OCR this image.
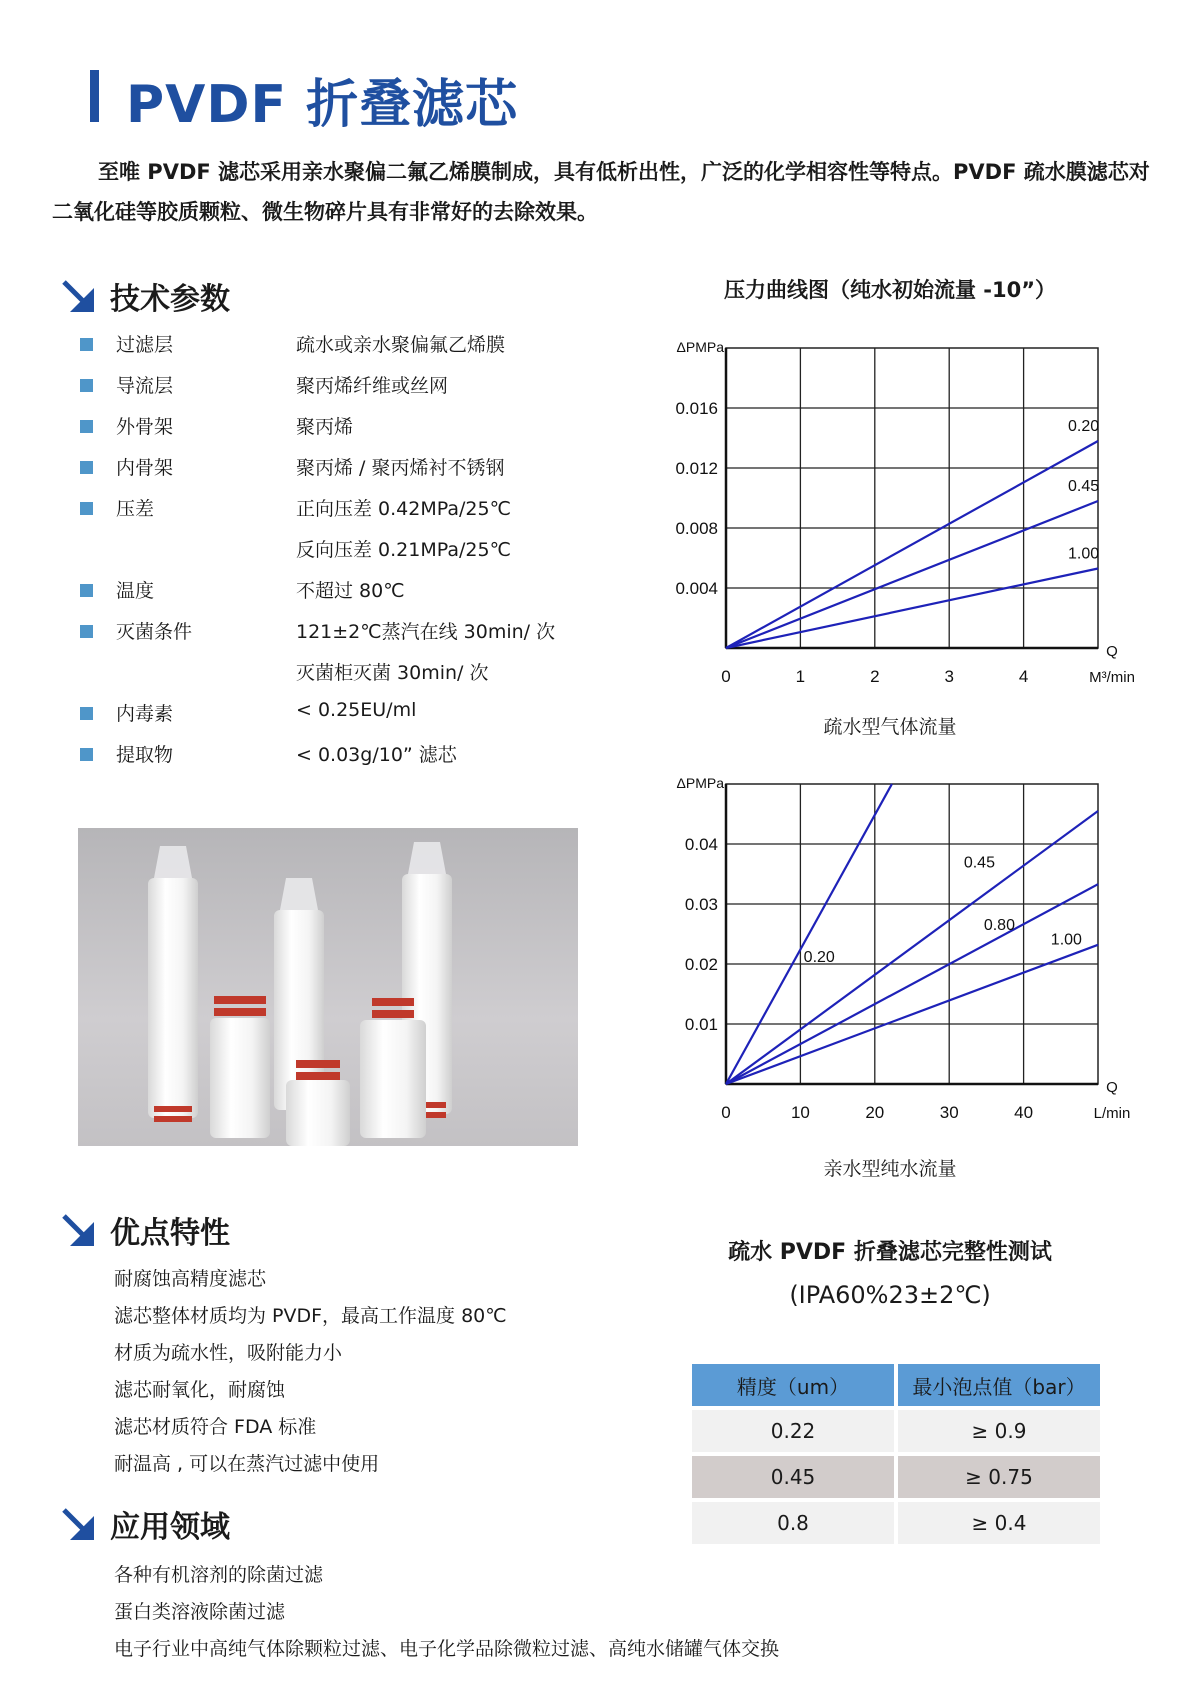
PVDF 折叠滤芯
至唯 PVDF 滤芯采用亲水聚偏二氟乙烯膜制成，具有低析出性，广泛的化学相容性等特点。PVDF 疏水膜滤芯对二氧化硅等胶质颗粒、微生物碎片具有非常好的去除效果。
技术参数
过滤层	疏水或亲水聚偏氟乙烯膜
导流层	聚丙烯纤维或丝网
外骨架	聚丙烯
内骨架	聚丙烯 / 聚丙烯衬不锈钢
压差	正向压差 0.42MPa/25℃
反向压差 0.21MPa/25℃
温度	不超过 80℃
灭菌条件	121±2℃蒸汽在线 30min/ 次
灭菌柜灭菌 30min/ 次
内毒素	< 0.25EU/ml
提取物	< 0.03g/10” 滤芯
优点特性
耐腐蚀高精度滤芯
滤芯整体材质均为 PVDF，最高工作温度 80℃
材质为疏水性，吸附能力小
滤芯耐氧化，耐腐蚀
滤芯材质符合 FDA 标准
耐温高 , 可以在蒸汽过滤中使用
应用领域
各种有机溶剂的除菌过滤
蛋白类溶液除菌过滤
电子行业中高纯气体除颗粒过滤、电子化学品除微粒过滤、高纯水储罐气体交换
压力曲线图（纯水初始流量 -10”）
0.004
0.008
0.012
0.016
0	1	2	3	4
ΔPMPa
Q
M³/min
0.20
0.45
1.00
疏水型气体流量
0.01
0.02
0.03
0.04
0	10	20	30	40
ΔPMPa
Q
L/min
0.20
0.45
0.80
1.00
亲水型纯水流量
疏水 PVDF 折叠滤芯完整性测试
(IPA60%23±2℃)
精度（um）	最小泡点值（bar）
0.22	≥ 0.9
0.45	≥ 0.75
0.8	≥ 0.4
